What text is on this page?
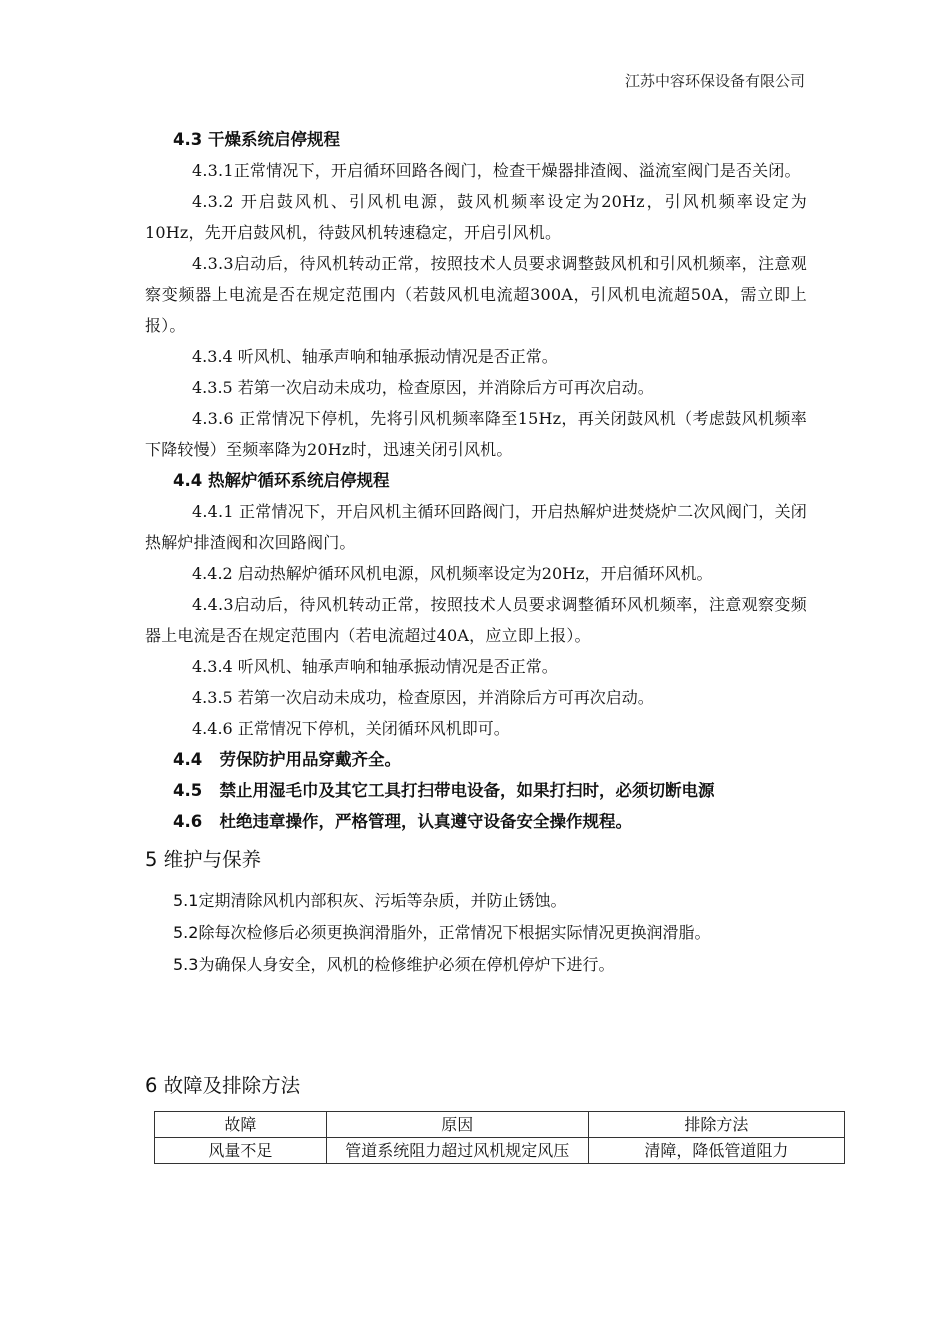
江苏中容环保设备有限公司
4.3 干燥系统启停规程
4.3.1正常情况下，开启循环回路各阀门，检查干燥器排渣阀、溢流室阀门是否关闭。
4.3.2 开启鼓风机、引风机电源，鼓风机频率设定为20Hz，引风机频率设定为10Hz，先开启鼓风机，待鼓风机转速稳定，开启引风机。
4.3.3启动后，待风机转动正常，按照技术人员要求调整鼓风机和引风机频率，注意观察变频器上电流是否在规定范围内（若鼓风机电流超300A，引风机电流超50A，需立即上报）。
4.3.4 听风机、轴承声响和轴承振动情况是否正常。
4.3.5 若第一次启动未成功，检查原因，并消除后方可再次启动。
4.3.6 正常情况下停机，先将引风机频率降至15Hz，再关闭鼓风机（考虑鼓风机频率下降较慢）至频率降为20Hz时，迅速关闭引风机。
4.4 热解炉循环系统启停规程
4.4.1 正常情况下，开启风机主循环回路阀门，开启热解炉进焚烧炉二次风阀门，关闭热解炉排渣阀和次回路阀门。
4.4.2 启动热解炉循环风机电源，风机频率设定为20Hz，开启循环风机。
4.4.3启动后，待风机转动正常，按照技术人员要求调整循环风机频率，注意观察变频器上电流是否在规定范围内（若电流超过40A，应立即上报）。
4.3.4 听风机、轴承声响和轴承振动情况是否正常。
4.3.5 若第一次启动未成功，检查原因，并消除后方可再次启动。
4.4.6 正常情况下停机，关闭循环风机即可。
4.4   劳保防护用品穿戴齐全。
4.5   禁止用湿毛巾及其它工具打扫带电设备，如果打扫时，必须切断电源
4.6   杜绝违章操作，严格管理，认真遵守设备安全操作规程。
5 维护与保养
5.1定期清除风机内部积灰、污垢等杂质，并防止锈蚀。
5.2除每次检修后必须更换润滑脂外，正常情况下根据实际情况更换润滑脂。
5.3为确保人身安全，风机的检修维护必须在停机停炉下进行。
6 故障及排除方法
故障	原因	排除方法
风量不足	管道系统阻力超过风机规定风压	清障，降低管道阻力
